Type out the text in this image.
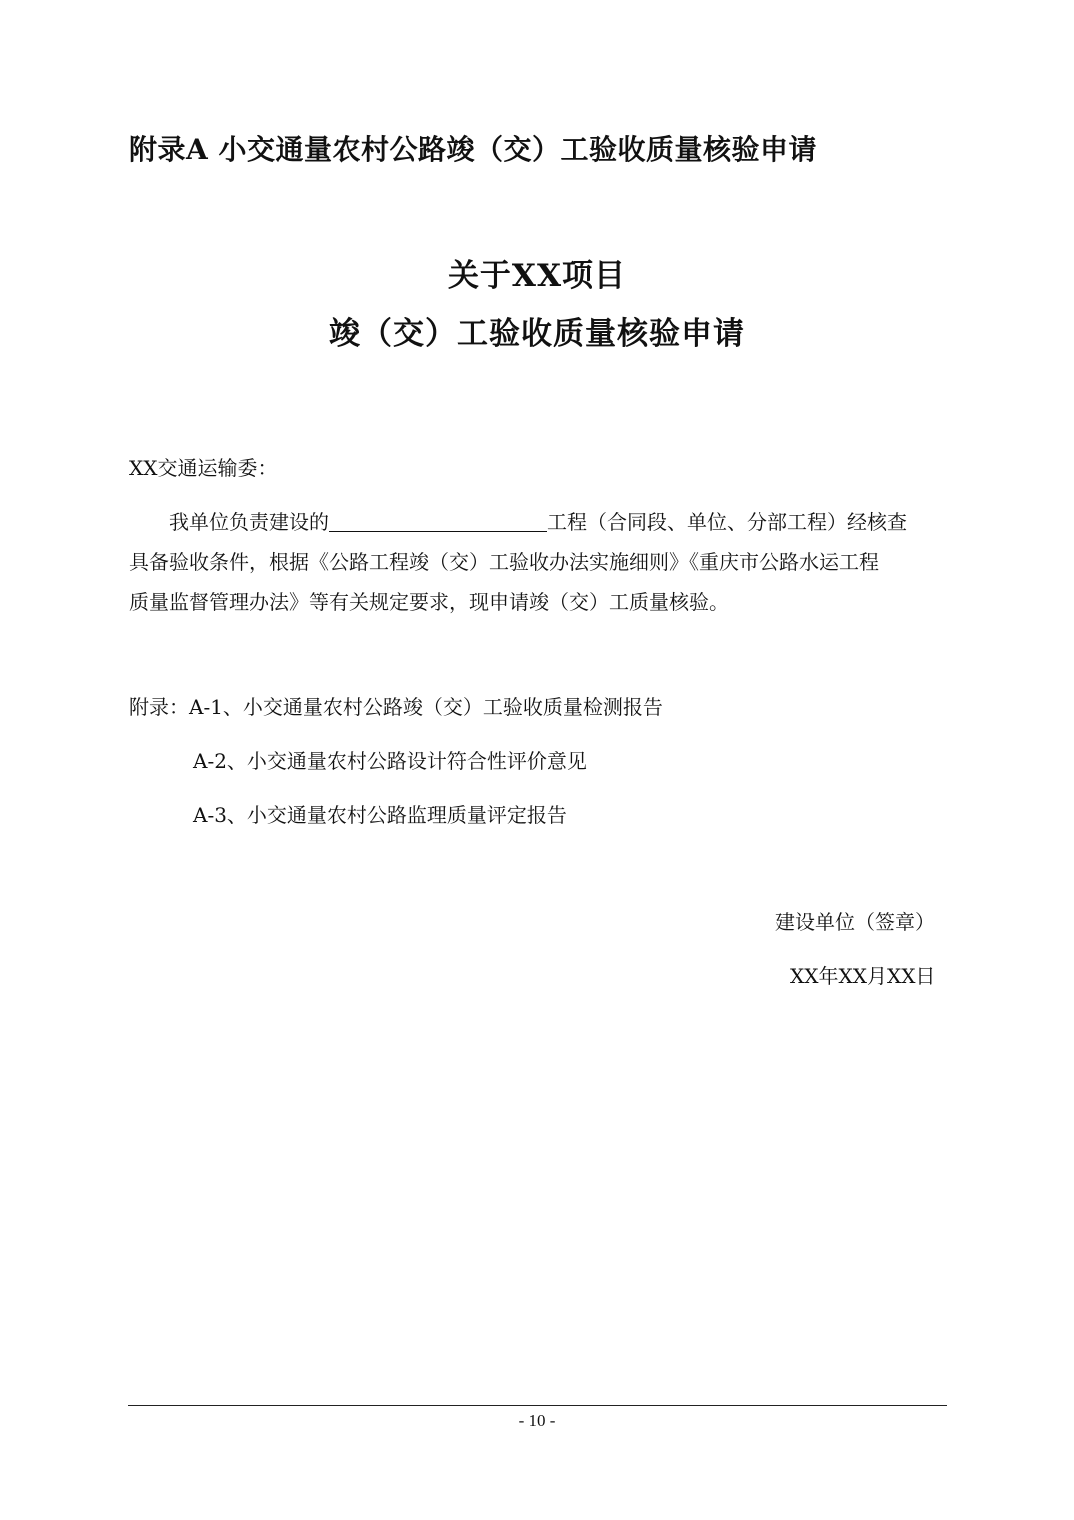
附录A 小交通量农村公路竣（交）工验收质量核验申请
关于XX项目
竣（交）工验收质量核验申请
XX交通运输委：
我单位负责建设的	工程（合同段、单位、分部工程）经核查
具备验收条件，根据《公路工程竣（交）工验收办法实施细则》《重庆市公路水运工程
质量监督管理办法》等有关规定要求，现申请竣（交）工质量核验。
附录：A-1、小交通量农村公路竣（交）工验收质量检测报告
A-2、小交通量农村公路设计符合性评价意见
A-3、小交通量农村公路监理质量评定报告
建设单位（签章）
XX年XX月XX日
- 10 -
